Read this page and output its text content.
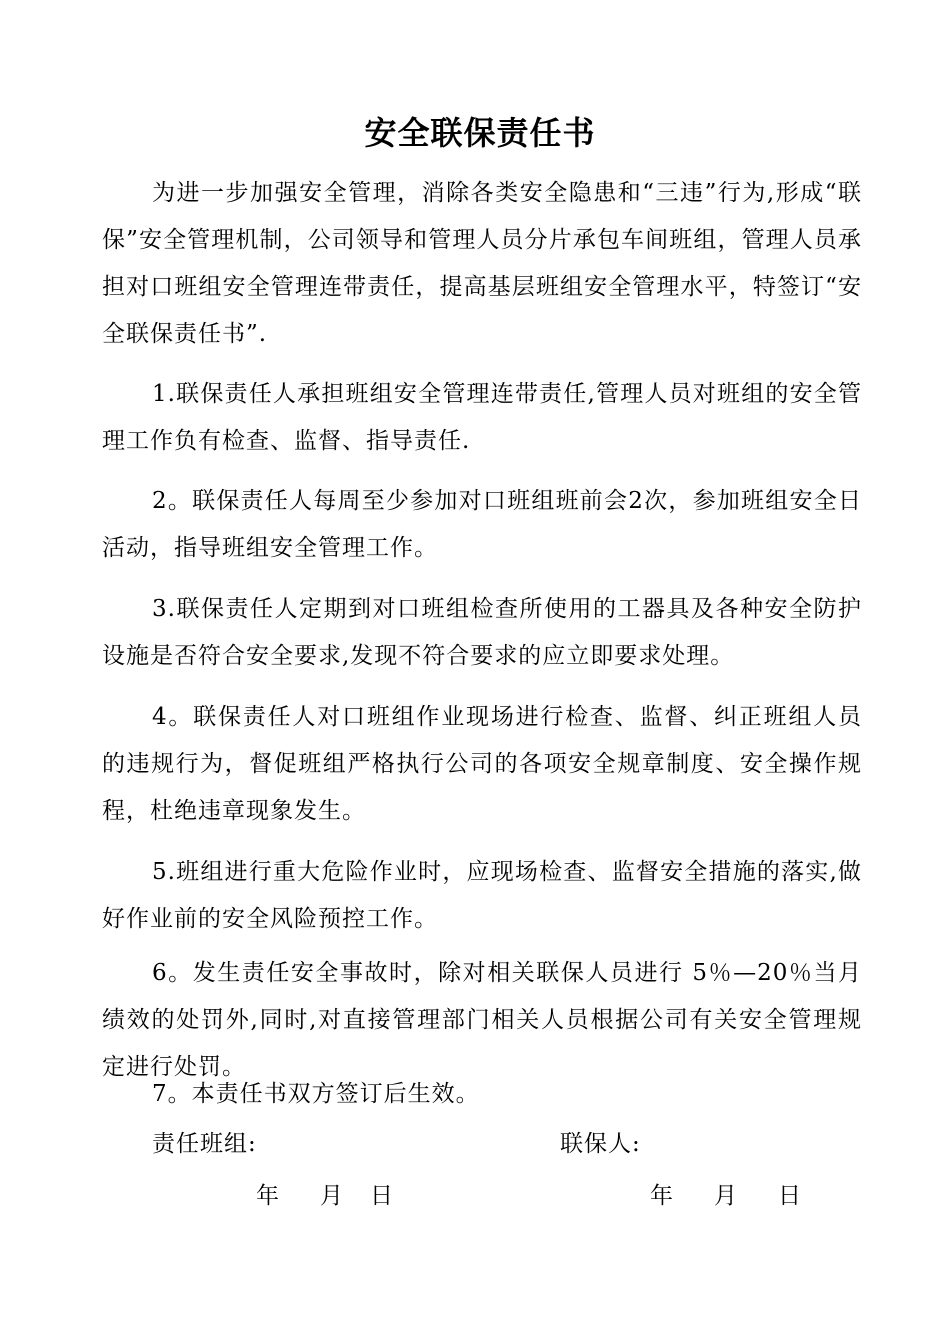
安全联保责任书

为进一步加强安全管理，消除各类安全隐患和“三违”行为,形成“联保”安全管理机制，公司领导和管理人员分片承包车间班组，管理人员承担对口班组安全管理连带责任，提高基层班组安全管理水平，特签订“安全联保责任书”.

1.联保责任人承担班组安全管理连带责任,管理人员对班组的安全管理工作负有检查、监督、指导责任.

2。联保责任人每周至少参加对口班组班前会2次，参加班组安全日活动，指导班组安全管理工作。

3.联保责任人定期到对口班组检查所使用的工器具及各种安全防护设施是否符合安全要求,发现不符合要求的应立即要求处理。

4。联保责任人对口班组作业现场进行检查、监督、纠正班组人员的违规行为，督促班组严格执行公司的各项安全规章制度、安全操作规程，杜绝违章现象发生。

5.班组进行重大危险作业时，应现场检查、监督安全措施的落实,做好作业前的安全风险预控工作。

6。发生责任安全事故时，除对相关联保人员进行 5％—20％当月绩效的处罚外,同时,对直接管理部门相关人员根据公司有关安全管理规定进行处罚。

7。本责任书双方签订后生效。

责任班组:	联保人:
年 月 日	年 月 日
